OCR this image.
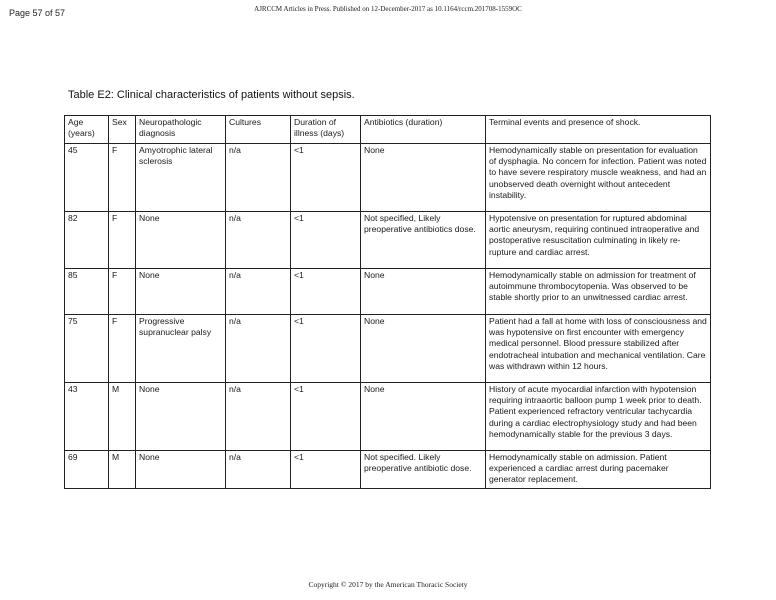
Page 57 of 57	AJRCCM Articles in Press. Published on 12-December-2017 as 10.1164/rccm.201708-1559OC
Table E2: Clinical characteristics of patients without sepsis.
Age (years)	Sex	Neuropathologic diagnosis	Cultures	Duration of illness (days)	Antibiotics (duration)	Terminal events and presence of shock.
45	F	Amyotrophic lateral sclerosis	n/a	<1	None	Hemodynamically stable on presentation for evaluation of dysphagia. No concern for infection. Patient was noted to have severe respiratory muscle weakness, and had an unobserved death overnight without antecedent instability.
82	F	None	n/a	<1	Not specified, Likely preoperative antibiotics dose.	Hypotensive on presentation for ruptured abdominal aortic aneurysm, requiring continued intraoperative and postoperative resuscitation culminating in likely re-rupture and cardiac arrest.
85	F	None	n/a	<1	None	Hemodynamically stable on admission for treatment of autoimmune thrombocytopenia. Was observed to be stable shortly prior to an unwitnessed cardiac arrest.
75	F	Progressive supranuclear palsy	n/a	<1	None	Patient had a fall at home with loss of consciousness and was hypotensive on first encounter with emergency medical personnel. Blood pressure stabilized after endotracheal intubation and mechanical ventilation. Care was withdrawn within 12 hours.
43	M	None	n/a	<1	None	History of acute myocardial infarction with hypotension requiring intraaortic balloon pump 1 week prior to death. Patient experienced refractory ventricular tachycardia during a cardiac electrophysiology study and had been hemodynamically stable for the previous 3 days.
69	M	None	n/a	<1	Not specified. Likely preoperative antibiotic dose.	Hemodynamically stable on admission. Patient experienced a cardiac arrest during pacemaker generator replacement.
Copyright © 2017 by the American Thoracic Society
